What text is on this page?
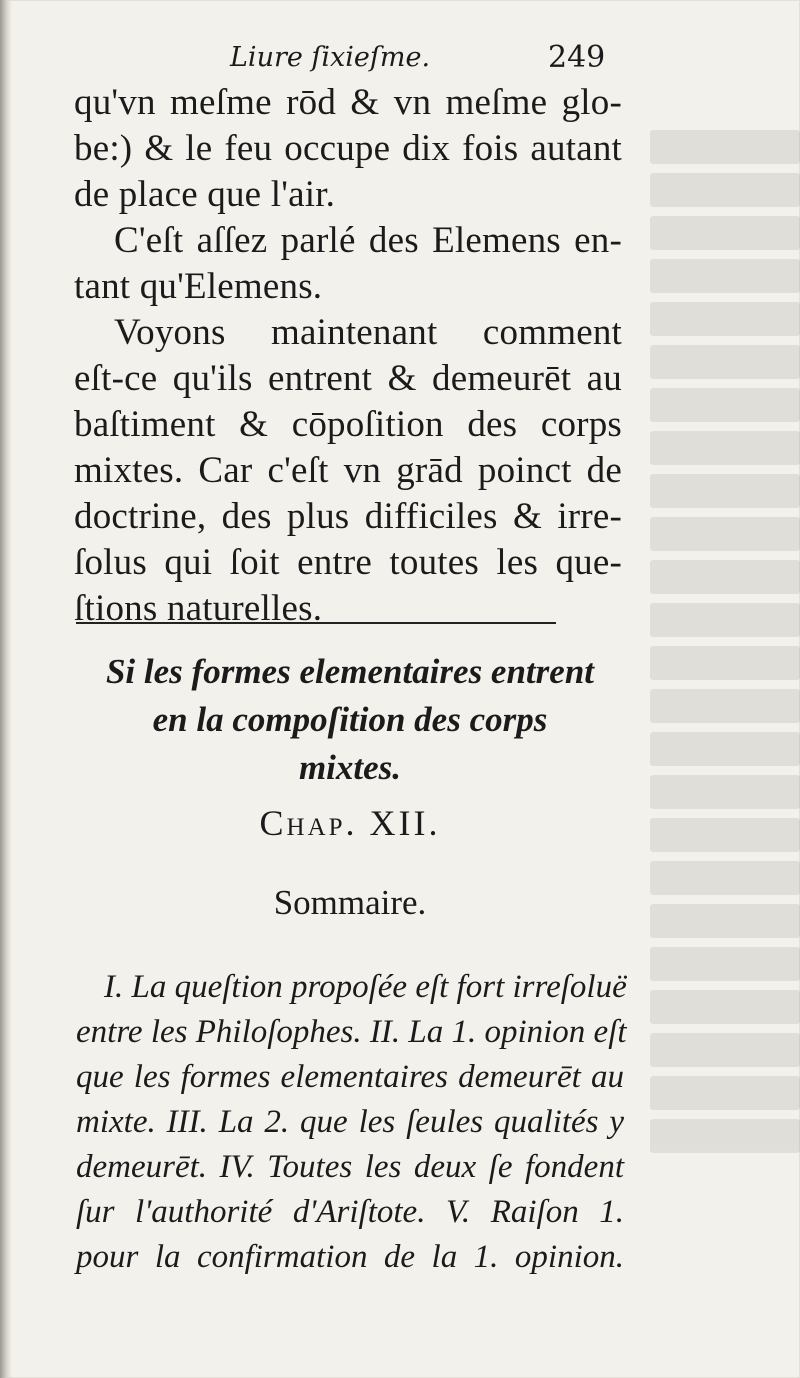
Liure ſixieſme.	249
qu'vn meſme rōd & vn meſme glo-
be:) & le feu occupe dix fois autant
de place que l'air.
C'eſt aſſez parlé des Elemens en-
tant qu'Elemens.
Voyons maintenant comment
eſt-ce qu'ils entrent & demeurēt au
baſtiment & cōpoſition des corps
mixtes. Car c'eſt vn grād poinct de
doctrine, des plus difficiles & irre-
ſolus qui ſoit entre toutes les que-
ſtions naturelles.
Si les formes elementaires entrent
en la compoſition des corps
mixtes.
Chap. XII.
Sommaire.
I. La queſtion propoſée eſt fort irreſoluë
entre les Philoſophes. II. La 1. opinion eſt
que les formes elementaires demeurēt au
mixte. III. La 2. que les ſeules qualités y
demeurēt. IV. Toutes les deux ſe fondent
ſur l'authorité d'Ariſtote. V. Raiſon 1.
pour la confirmation de la 1. opinion.
